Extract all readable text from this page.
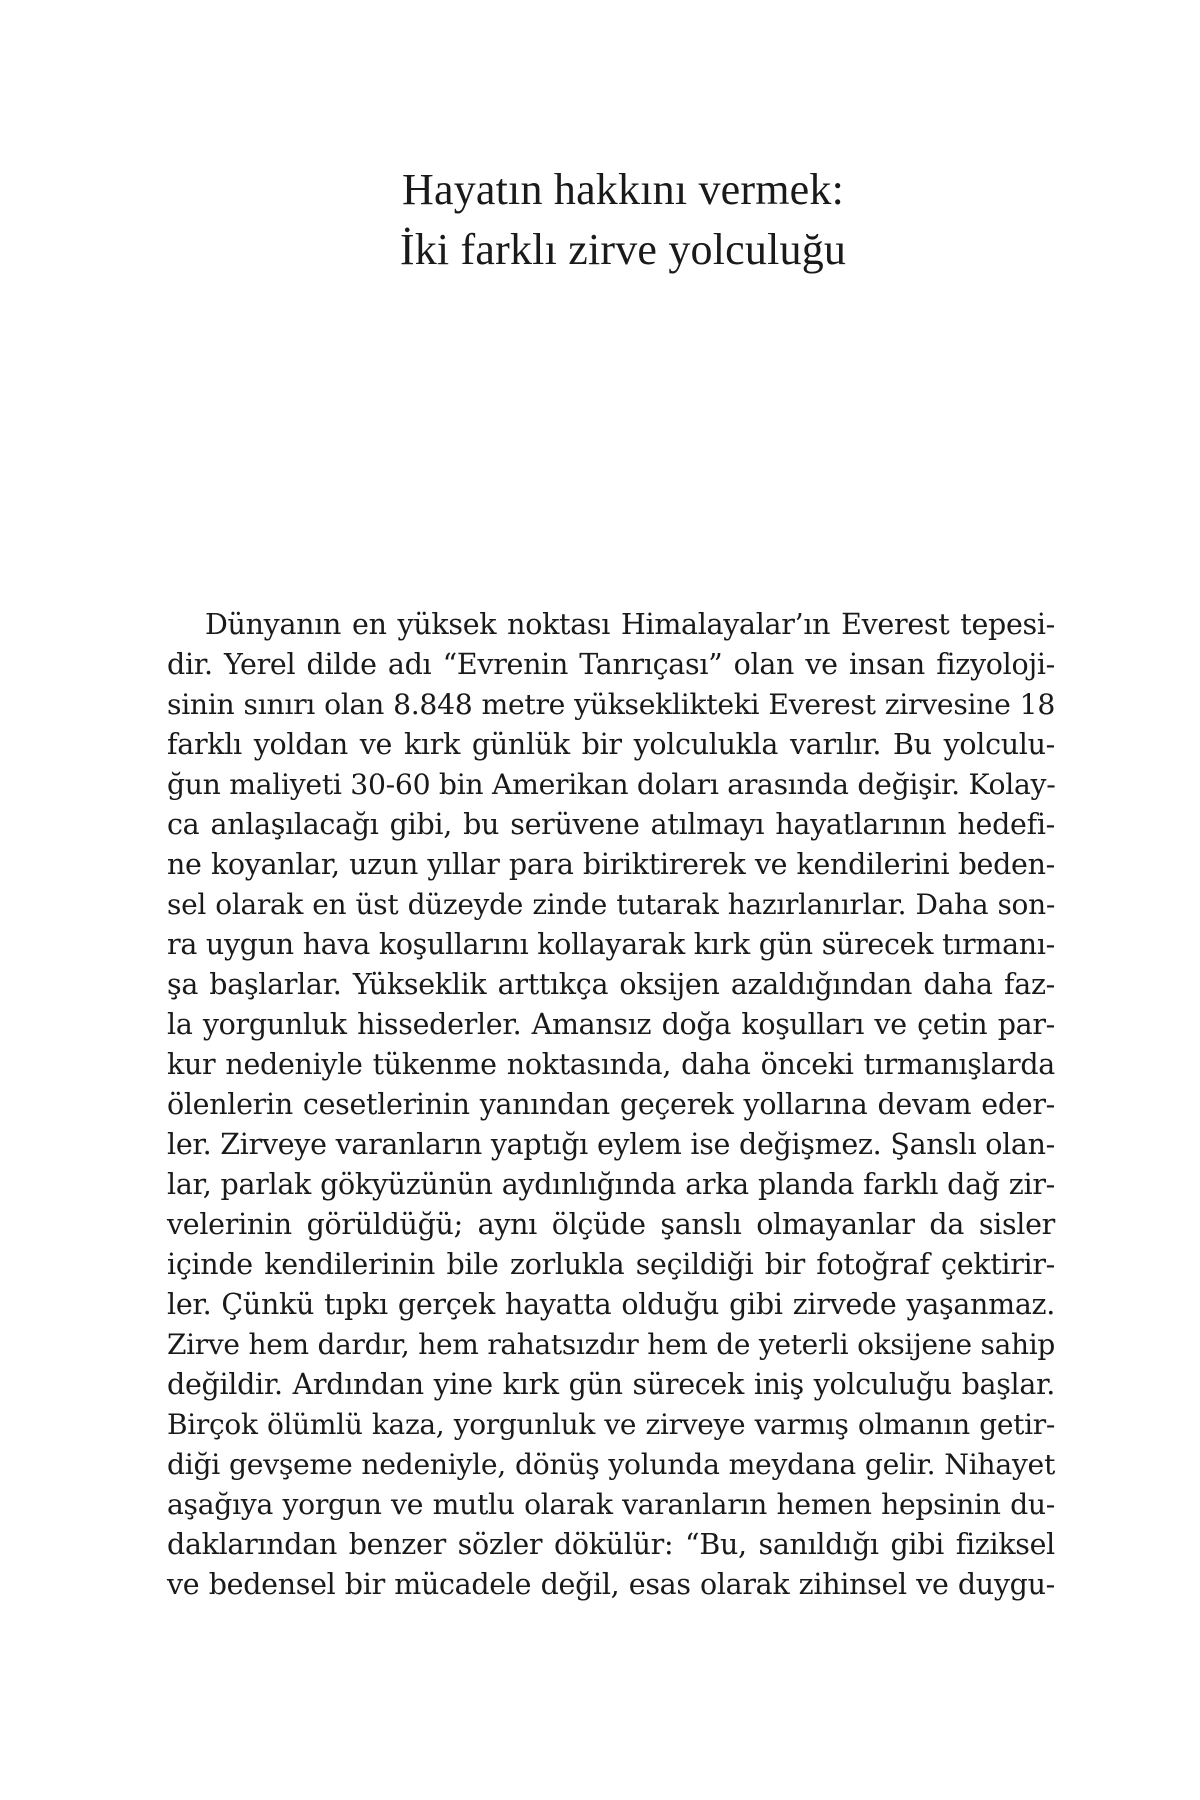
Hayatın hakkını vermek:
İki farklı zirve yolculuğu
Dünyanın en yüksek noktası Himalayalar’ın Everest tepesi-
dir. Yerel dilde adı “Evrenin Tanrıçası” olan ve insan fizyoloji-
sinin sınırı olan 8.848 metre yükseklikteki Everest zirvesine 18
farklı yoldan ve kırk günlük bir yolculukla varılır. Bu yolculu-
ğun maliyeti 30-60 bin Amerikan doları arasında değişir. Kolay-
ca anlaşılacağı gibi, bu serüvene atılmayı hayatlarının hedefi-
ne koyanlar, uzun yıllar para biriktirerek ve kendilerini beden-
sel olarak en üst düzeyde zinde tutarak hazırlanırlar. Daha son-
ra uygun hava koşullarını kollayarak kırk gün sürecek tırmanı-
şa başlarlar. Yükseklik arttıkça oksijen azaldığından daha faz-
la yorgunluk hissederler. Amansız doğa koşulları ve çetin par-
kur nedeniyle tükenme noktasında, daha önceki tırmanışlarda
ölenlerin cesetlerinin yanından geçerek yollarına devam eder-
ler. Zirveye varanların yaptığı eylem ise değişmez. Şanslı olan-
lar, parlak gökyüzünün aydınlığında arka planda farklı dağ zir-
velerinin görüldüğü; aynı ölçüde şanslı olmayanlar da sisler
içinde kendilerinin bile zorlukla seçildiği bir fotoğraf çektirir-
ler. Çünkü tıpkı gerçek hayatta olduğu gibi zirvede yaşanmaz.
Zirve hem dardır, hem rahatsızdır hem de yeterli oksijene sahip
değildir. Ardından yine kırk gün sürecek iniş yolculuğu başlar.
Birçok ölümlü kaza, yorgunluk ve zirveye varmış olmanın getir-
diği gevşeme nedeniyle, dönüş yolunda meydana gelir. Nihayet
aşağıya yorgun ve mutlu olarak varanların hemen hepsinin du-
daklarından benzer sözler dökülür: “Bu, sanıldığı gibi fiziksel
ve bedensel bir mücadele değil, esas olarak zihinsel ve duygu-
